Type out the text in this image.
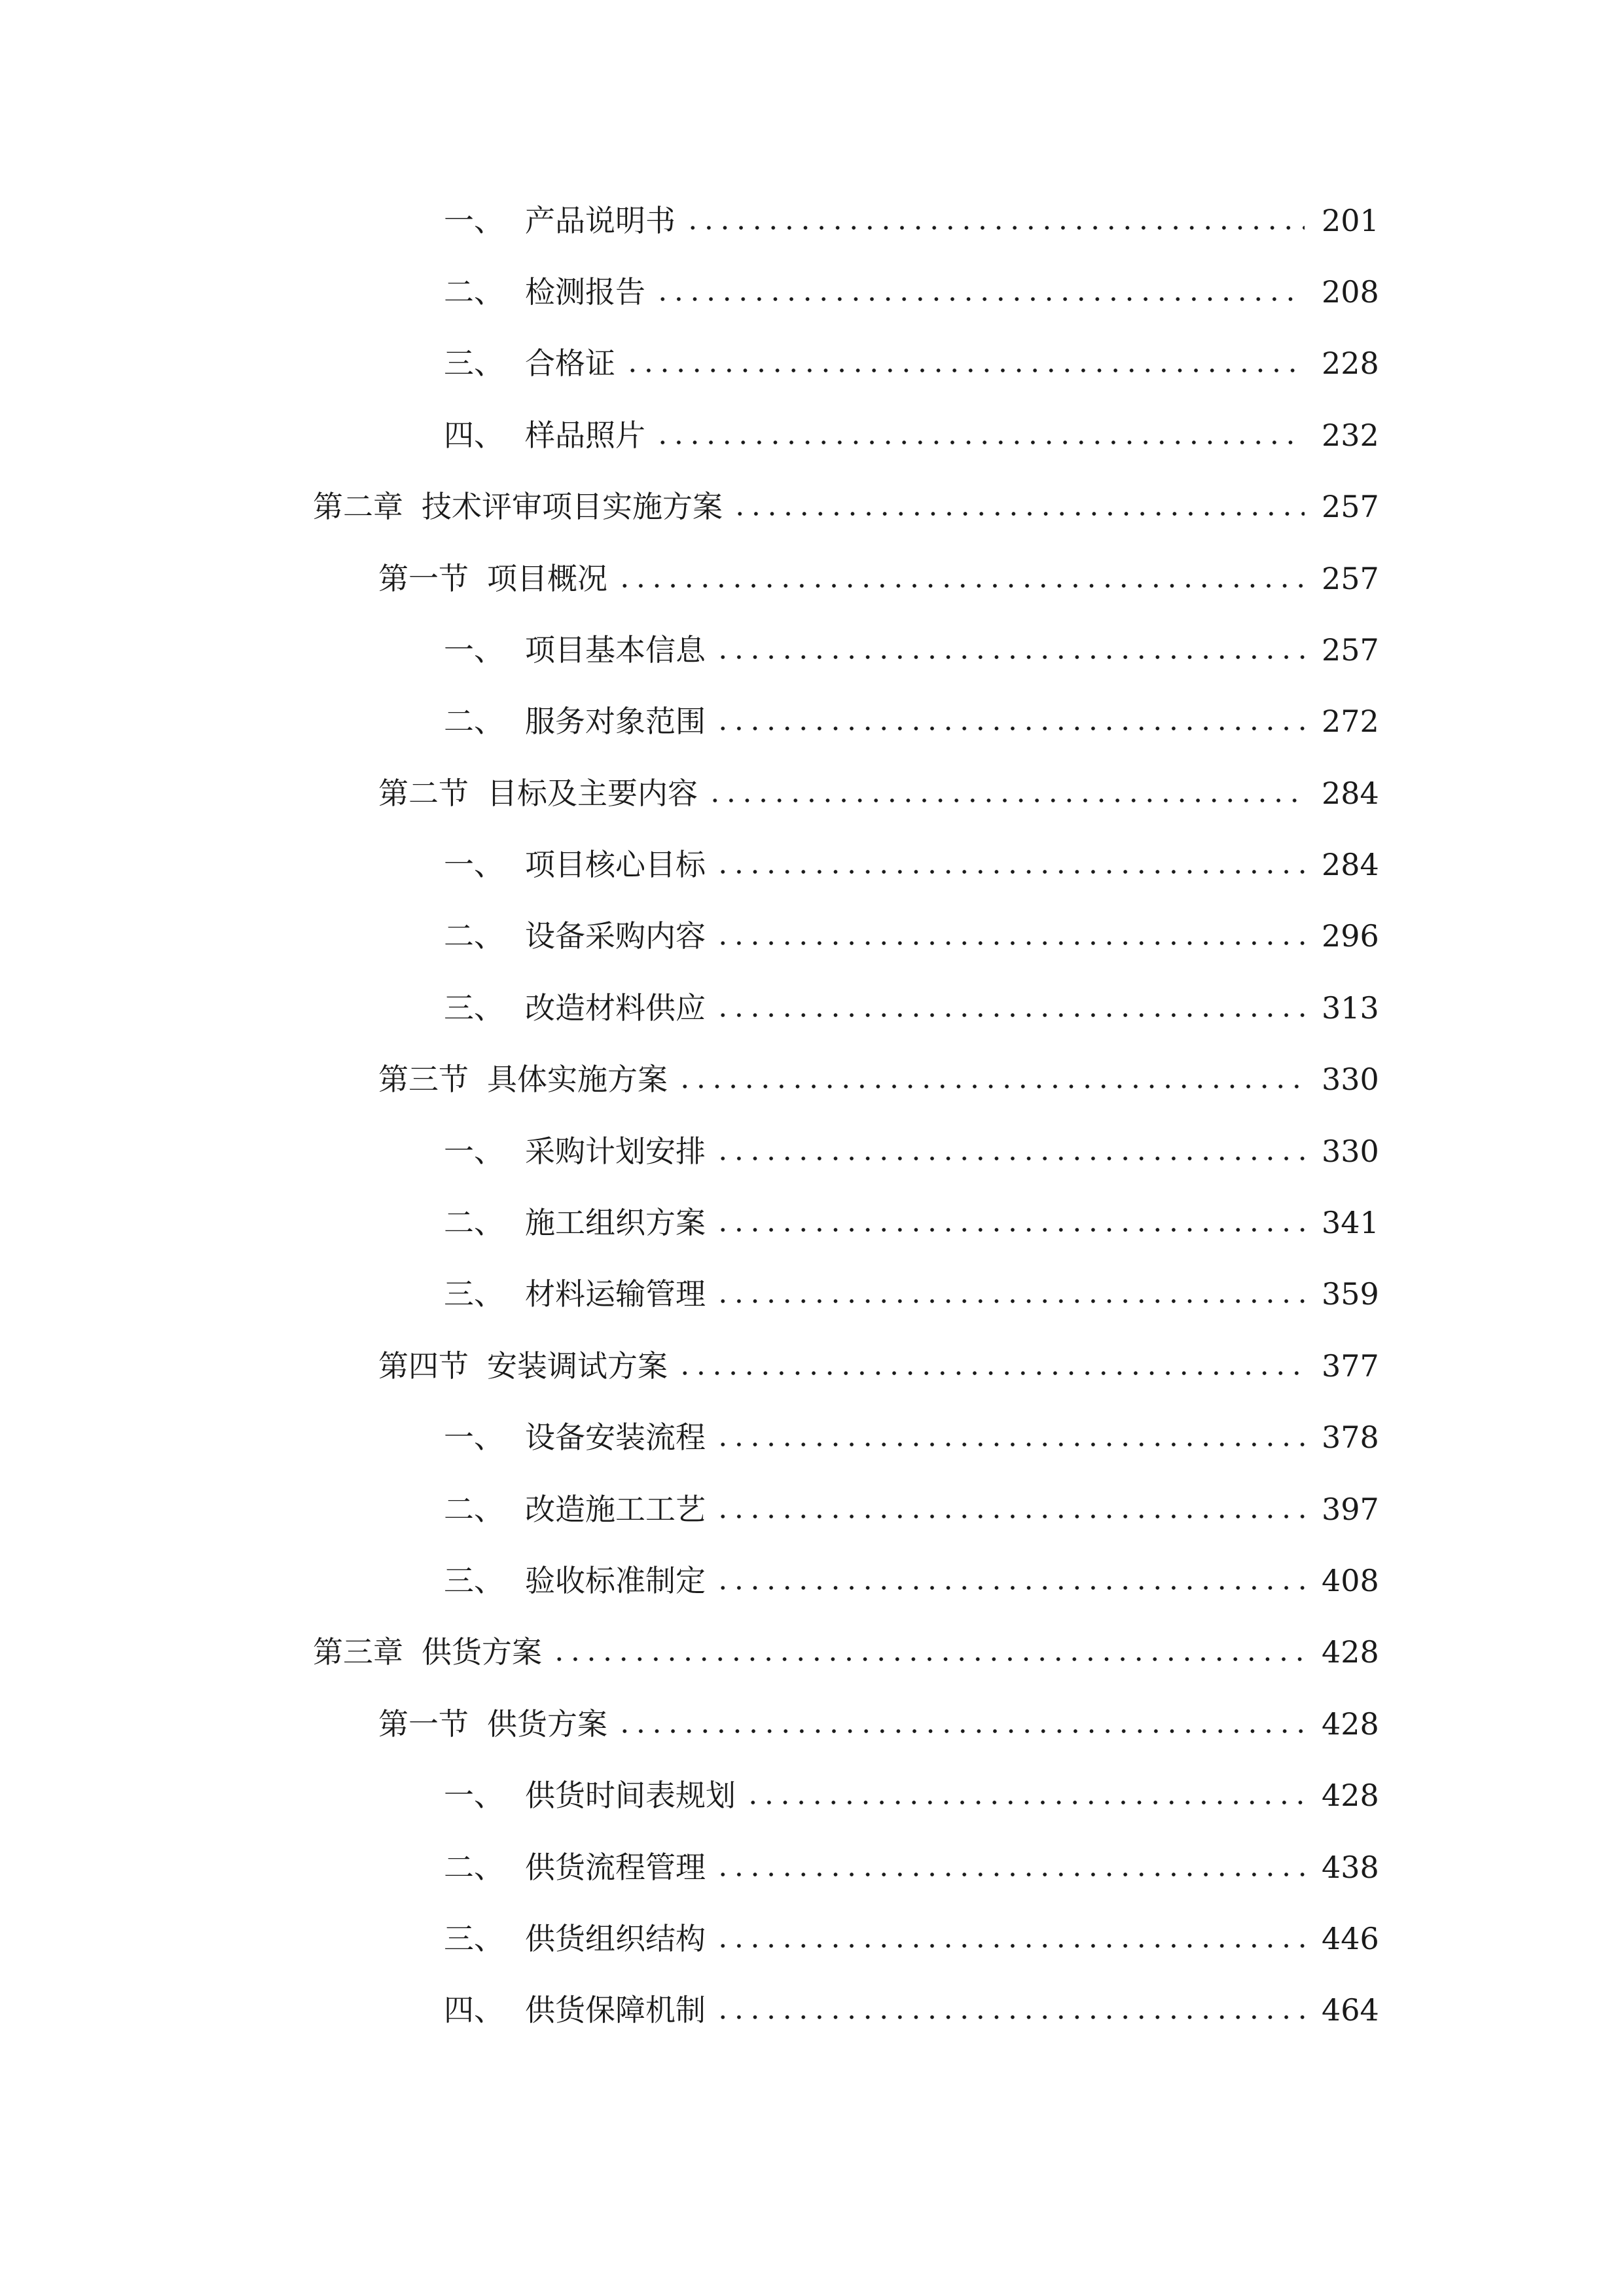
一、 产品说明书	201
二、 检测报告	208
三、 合格证	228
四、 样品照片	232
第二章 技术评审项目实施方案	257
第一节 项目概况	257
一、 项目基本信息	257
二、 服务对象范围	272
第二节 目标及主要内容	284
一、 项目核心目标	284
二、 设备采购内容	296
三、 改造材料供应	313
第三节 具体实施方案	330
一、 采购计划安排	330
二、 施工组织方案	341
三、 材料运输管理	359
第四节 安装调试方案	377
一、 设备安装流程	378
二、 改造施工工艺	397
三、 验收标准制定	408
第三章 供货方案	428
第一节 供货方案	428
一、 供货时间表规划	428
二、 供货流程管理	438
三、 供货组织结构	446
四、 供货保障机制	464
